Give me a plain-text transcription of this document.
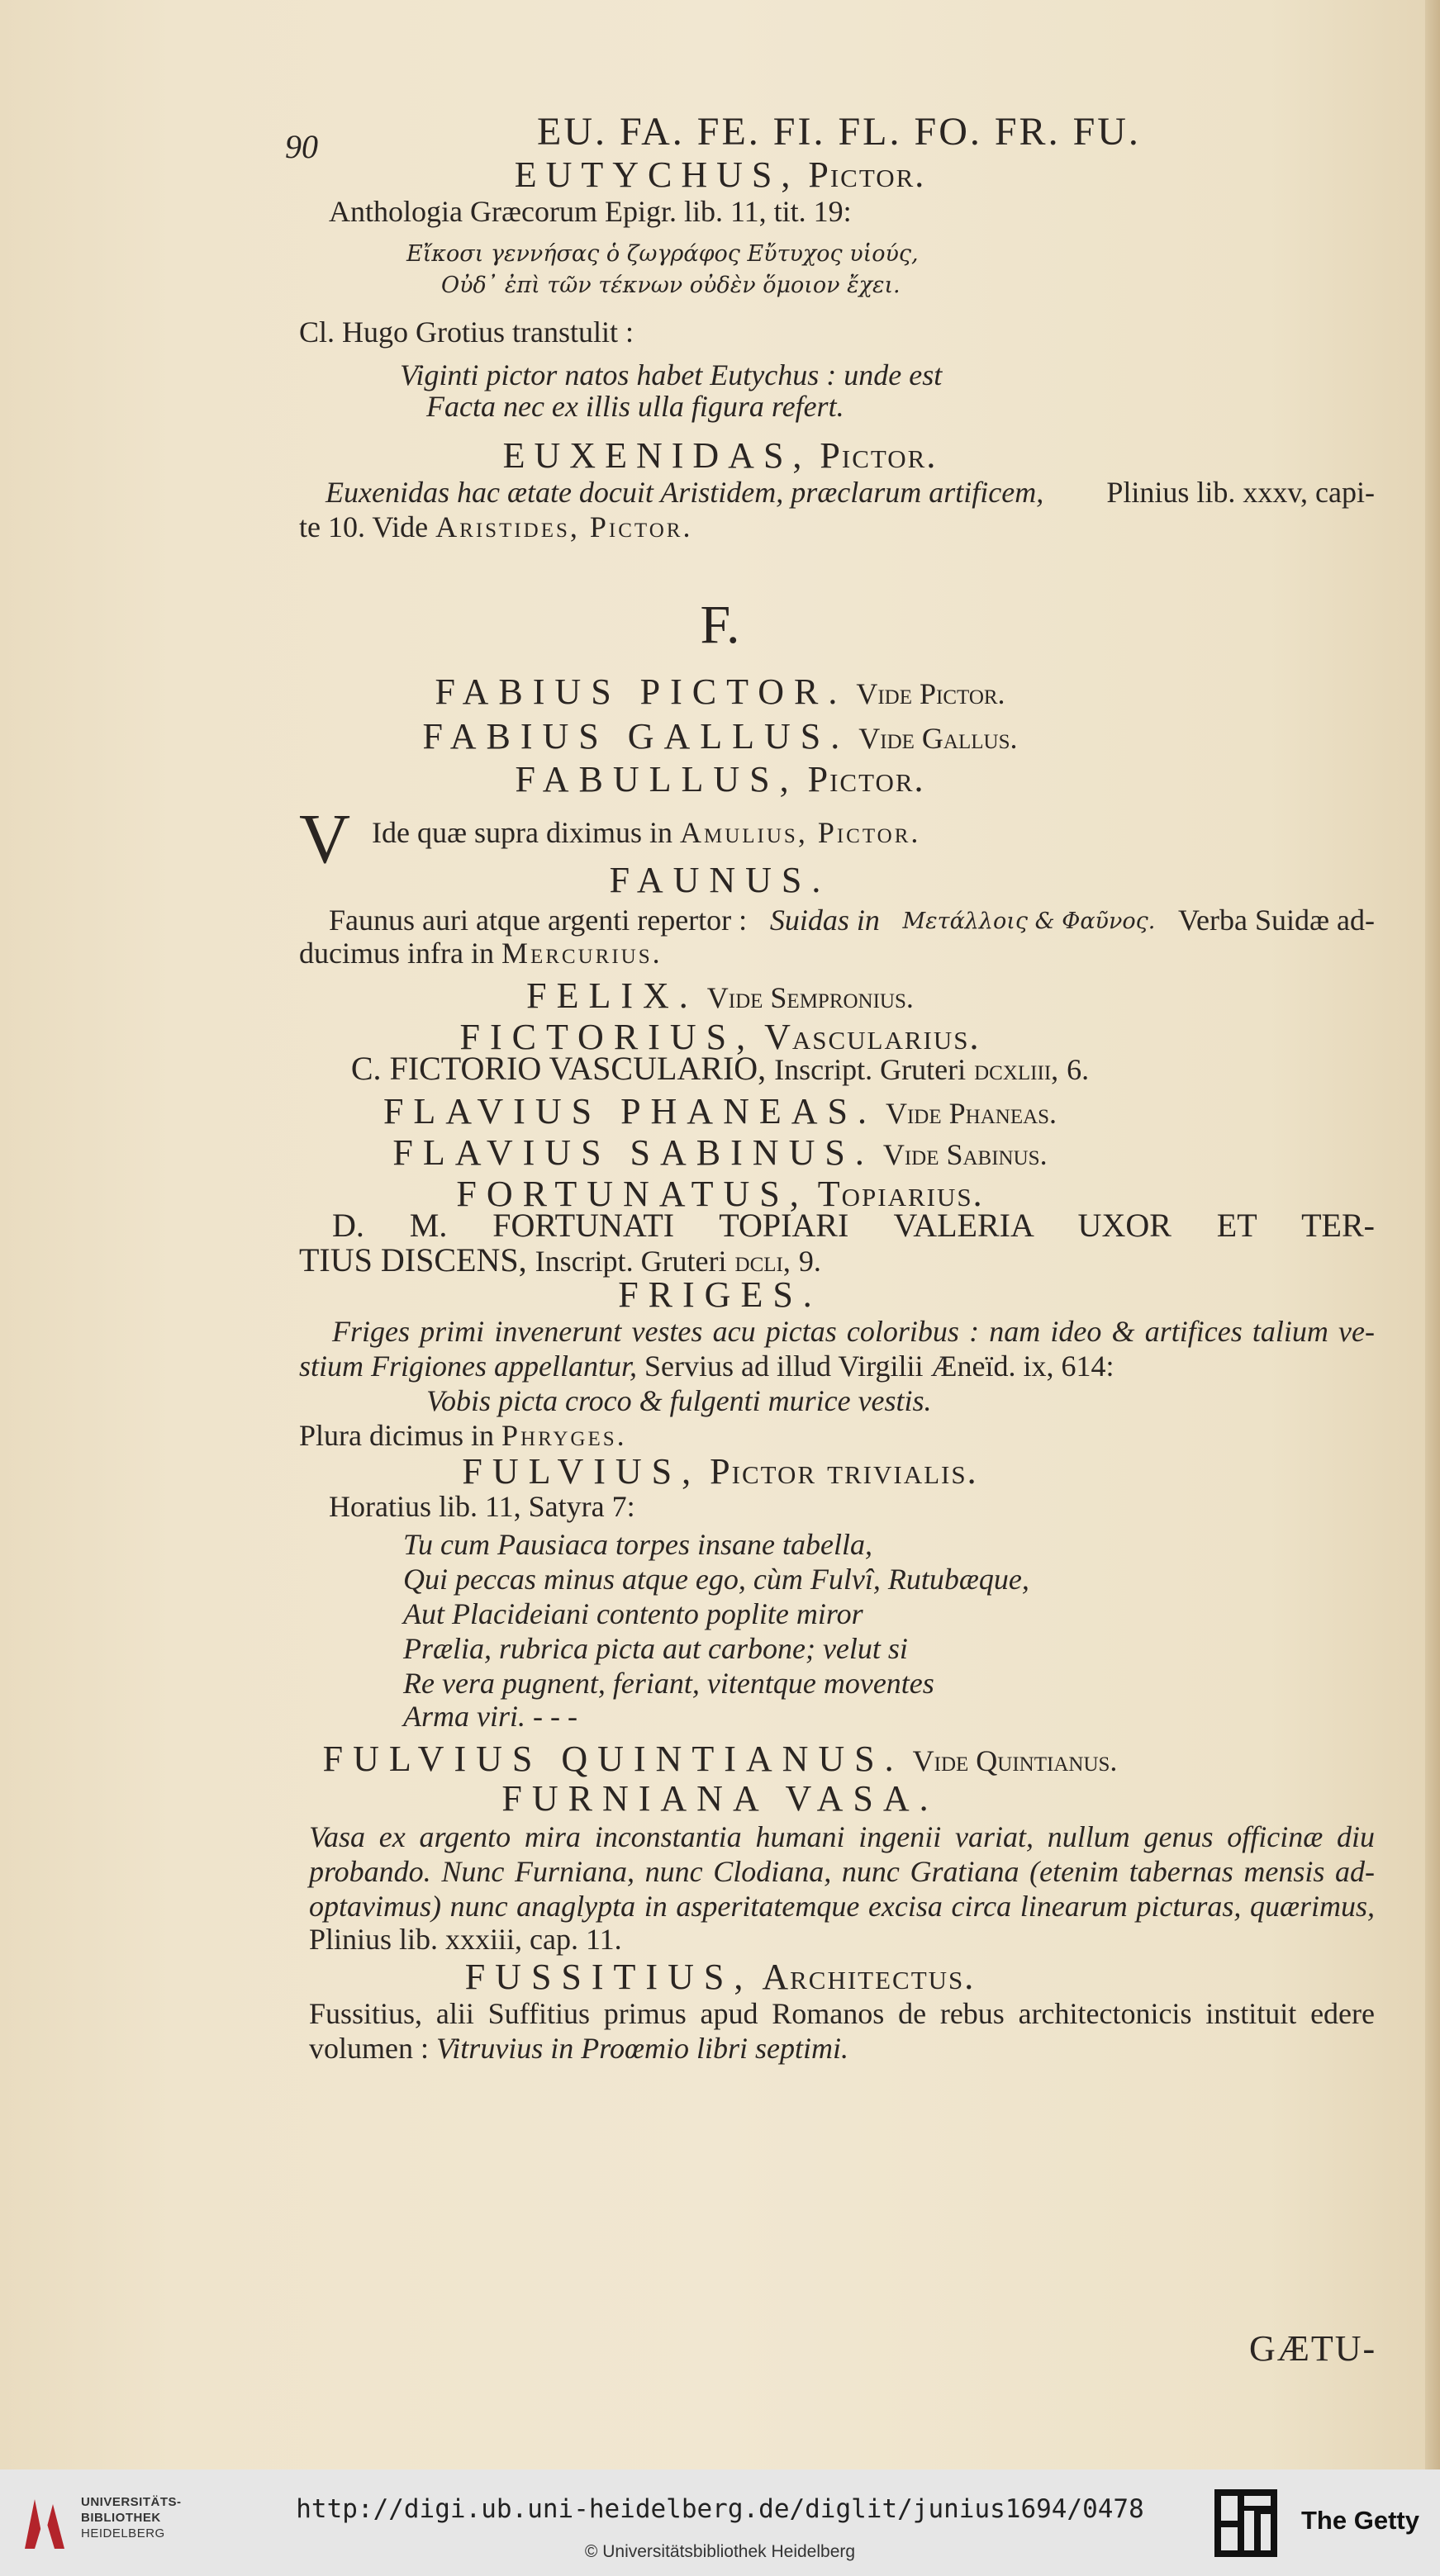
90	EU. FA. FE. FI. FL. FO. FR. FU.
EUTYCHUS, Pictor.
Anthologia Græcorum Epigr. lib. 11, tit. 19:
Εἴκοσι γεννήσας ὁ ζωγράφος Εὔτυχος υἱούς,
Οὐδ᾽ ἐπὶ τῶν τέκνων οὐδὲν ὅμοιον ἔχει.
Cl. Hugo Grotius transtulit :
Viginti pictor natos habet Eutychus : unde est
Facta nec ex illis ulla figura refert.
EUXENIDAS, Pictor.
Euxenidas hac ætate docuit Aristidem, præclarum artificem, Plinius lib. xxxv, capi-
te 10. Vide Aristides, Pictor.
F.
FABIUS PICTOR. Vide Pictor.
FABIUS GALLUS. Vide Gallus.
FABULLUS, Pictor.
V Ide quæ supra diximus in Amulius, Pictor.
FAUNUS.
Faunus auri atque argenti repertor : Suidas in Μετάλλοις & Φαῦνος. Verba Suidæ ad-
ducimus infra in Mercurius.
FELIX. Vide Sempronius.
FICTORIUS, Vascularius.
C. FICTORIO VASCULARIO, Inscript. Gruteri dcxliii, 6.
FLAVIUS PHANEAS. Vide Phaneas.
FLAVIUS SABINUS. Vide Sabinus.
FORTUNATUS, Topiarius.
D. M. FORTUNATI TOPIARI VALERIA UXOR ET TER-
TIUS DISCENS, Inscript. Gruteri dcli, 9.
FRIGES.
Friges primi invenerunt vestes acu pictas coloribus : nam ideo & artifices talium ve-
stium Frigiones appellantur, Servius ad illud Virgilii Æneïd. ix, 614:
Vobis picta croco & fulgenti murice vestis.
Plura dicimus in Phryges.
FULVIUS, Pictor trivialis.
Horatius lib. 11, Satyra 7:
Tu cum Pausiaca torpes insane tabella,
Qui peccas minus atque ego, cùm Fulvî, Rutubæque,
Aut Placideiani contento poplite miror
Prælia, rubrica picta aut carbone; velut si
Re vera pugnent, feriant, vitentque moventes
Arma viri. - - -
FULVIUS QUINTIANUS. Vide Quintianus.
FURNIANA VASA.
Vasa ex argento mira inconstantia humani ingenii variat, nullum genus officinæ diu
probando. Nunc Furniana, nunc Clodiana, nunc Gratiana (etenim tabernas mensis ad-
optavimus) nunc anaglypta in asperitatemque excisa circa linearum picturas, quærimus,
Plinius lib. xxxiii, cap. 11.
FUSSITIUS, Architectus.
Fussitius, alii Suffitius primus apud Romanos de rebus architectonicis instituit edere
volumen : Vitruvius in Proœmio libri septimi.
GÆTU-
UNIVERSITÄTS-
BIBLIOTHEK
HEIDELBERG
http://digi.ub.uni-heidelberg.de/diglit/junius1694/0478
© Universitätsbibliothek Heidelberg
The Getty
